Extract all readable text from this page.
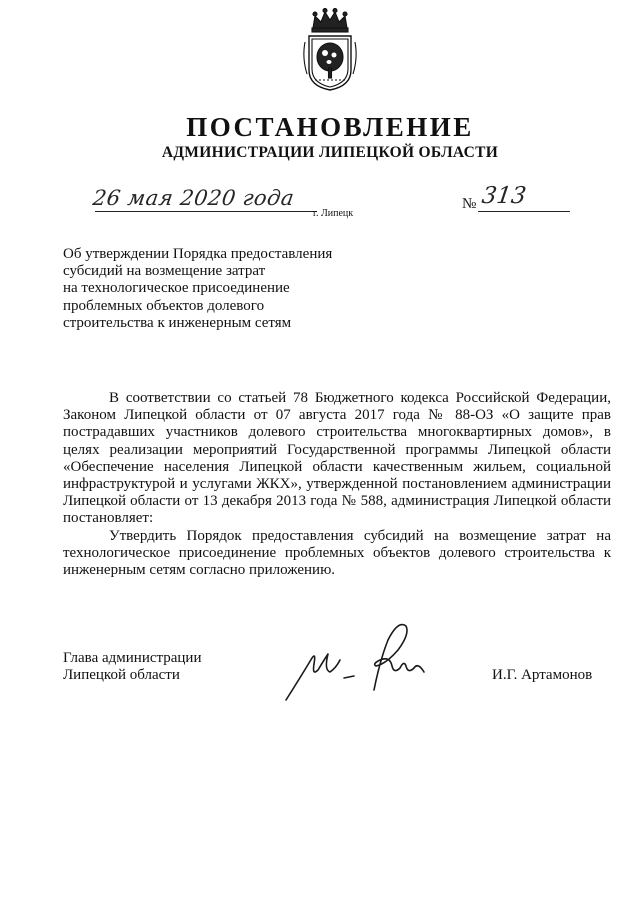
ПОСТАНОВЛЕНИЕ
АДМИНИСТРАЦИИ ЛИПЕЦКОЙ ОБЛАСТИ
26 мая 2020 года
г. Липецк
№ 313
Об утверждении Порядка предоставления
субсидий на возмещение затрат
на технологическое присоединение
проблемных объектов долевого
строительства к инженерным сетям

В соответствии со статьей 78 Бюджетного кодекса Российской Федерации,

Законом Липецкой области от 07 августа 2017 года № 88-ОЗ «О защите прав

пострадавших участников долевого строительства многоквартирных домов», в

целях реализации мероприятий Государственной программы Липецкой области

«Обеспечение населения Липецкой области качественным жильем, социальной

инфраструктурой и услугами ЖКХ», утвержденной постановлением администрации

Липецкой области от 13 декабря 2013 года № 588, администрация Липецкой области

постановляет:

Утвердить Порядок предоставления субсидий на возмещение затрат на

технологическое присоединение проблемных объектов долевого строительства к

инженерным сетям согласно приложению.

Глава администрации
Липецкой области	И.Г. Артамонов
